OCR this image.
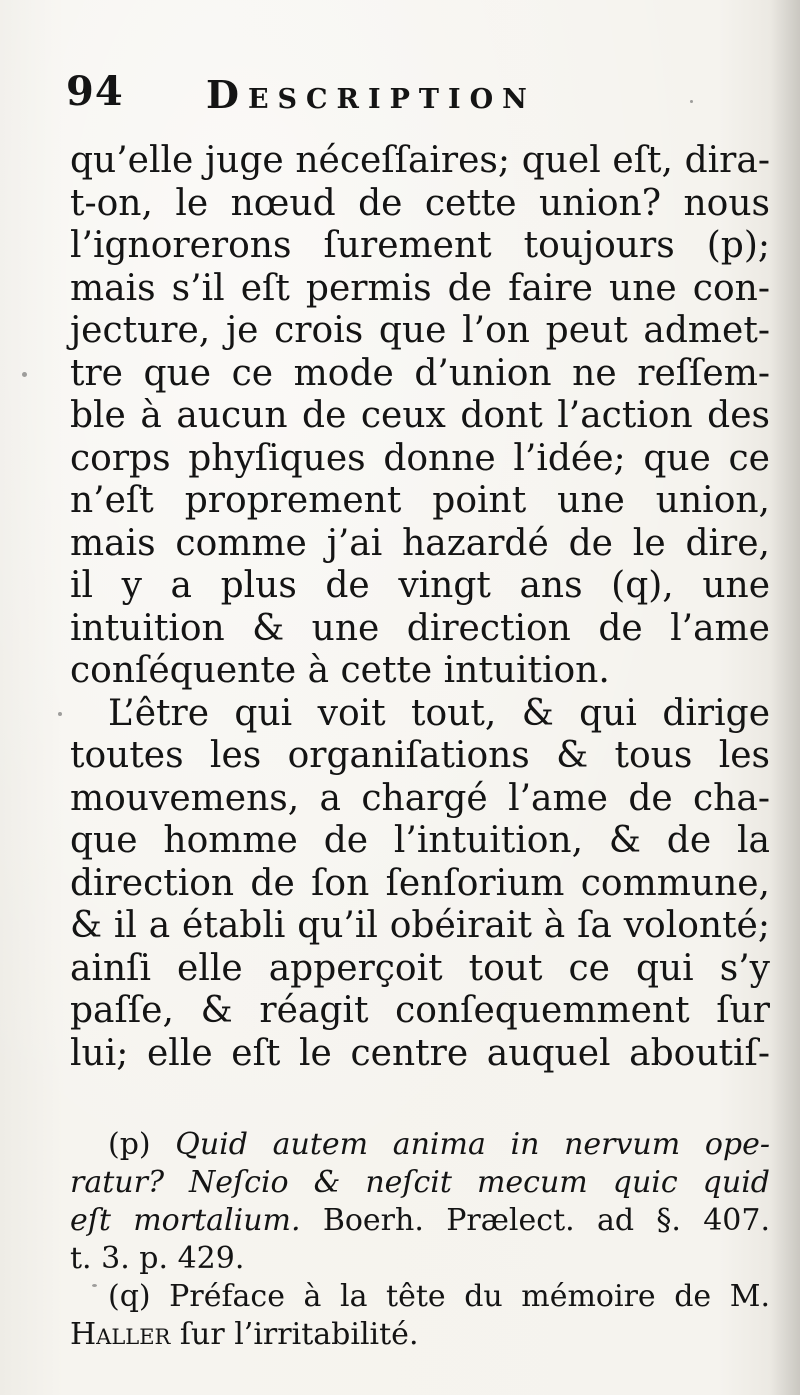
94 Description
qu’elle juge néceſſaires; quel eſt, dira-
t-on, le nœud de cette union? nous
l’ignorerons ſurement toujours (p);
mais s’il eſt permis de faire une con-
jecture, je crois que l’on peut admet-
tre que ce mode d’union ne reſſem-
ble à aucun de ceux dont l’action des
corps phyſiques donne l’idée; que ce
n’eſt proprement point une union,
mais comme j’ai hazardé de le dire,
il y a plus de vingt ans (q), une
intuition & une direction de l’ame
conſéquente à cette intuition.
L’être qui voit tout, & qui dirige
toutes les organiſations & tous les
mouvemens, a chargé l’ame de cha-
que homme de l’intuition, & de la
direction de ſon ſenſorium commune,
& il a établi qu’il obéirait à ſa volonté;
ainſi elle apperçoit tout ce qui s’y
paſſe, & réagit conſequemment ſur
lui; elle eſt le centre auquel aboutiſ-
(p) Quid autem anima in nervum ope-
ratur? Neſcio & neſcit mecum quic quid
eſt mortalium. Boerh. Prælect. ad §. 407.
t. 3. p. 429.
(q) Préface à la tête du mémoire de M.
Haller ſur l’irritabilité.
